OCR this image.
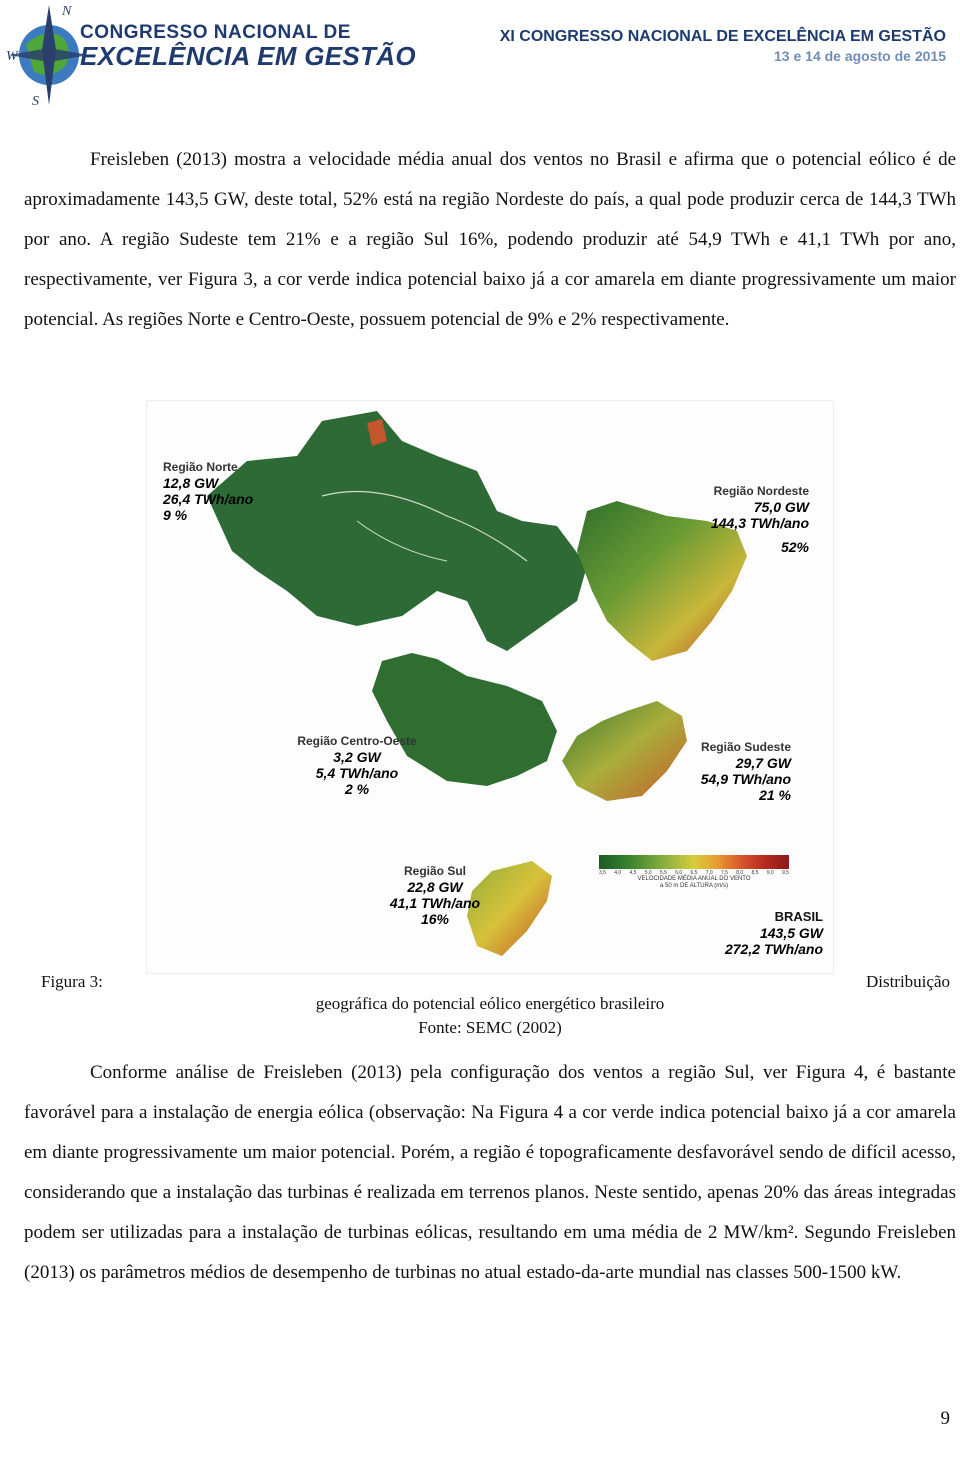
N
W
S
CONGRESSO NACIONAL DE
EXCELÊNCIA EM GESTÃO
XI CONGRESSO NACIONAL DE EXCELÊNCIA EM GESTÃO
13 e 14 de agosto de 2015

Freisleben (2013) mostra a velocidade média anual dos ventos no Brasil e afirma que o potencial eólico é de aproximadamente 143,5 GW, deste total, 52% está na região Nordeste do país, a qual pode produzir cerca de 144,3 TWh por ano. A região Sudeste tem 21% e a região Sul 16%, podendo produzir até 54,9 TWh e 41,1 TWh por ano, respectivamente, ver Figura 3, a cor verde indica potencial baixo já a cor amarela em diante progressivamente um maior potencial. As regiões Norte e Centro-Oeste, possuem potencial de 9% e 2% respectivamente.

Região Norte
12,8 GW
26,4 TWh/ano
9 %
Região Nordeste
75,0 GW
144,3 TWh/ano
52%
Região Centro-Oeste
3,2 GW
5,4 TWh/ano
2 %
Região Sudeste
29,7 GW
54,9 TWh/ano
21 %
Região Sul
22,8 GW
41,1 TWh/ano
16%	BRASIL
143,5 GW
272,2 TWh/ano
3,5 4,0 4,5 5,0 5,5 6,0 6,5 7,0 7,5 8,0 8,5 9,0 9,5
VELOCIDADE MÉDIA ANUAL DO VENTO
a 50 m DE ALTURA (m/s)
Figura 3:	Distribuição
geográfica do potencial eólico energético brasileiro
Fonte: SEMC (2002)

Conforme análise de Freisleben (2013) pela configuração dos ventos a região Sul, ver Figura 4, é bastante favorável para a instalação de energia eólica (observação: Na Figura 4 a cor verde indica potencial baixo já a cor amarela em diante progressivamente um maior potencial. Porém, a região é topograficamente desfavorável sendo de difícil acesso, considerando que a instalação das turbinas é realizada em terrenos planos. Neste sentido, apenas 20% das áreas integradas podem ser utilizadas para a instalação de turbinas eólicas, resultando em uma média de 2 MW/km². Segundo Freisleben (2013) os parâmetros médios de desempenho de turbinas no atual estado-da-arte mundial nas classes 500-1500 kW.

9
